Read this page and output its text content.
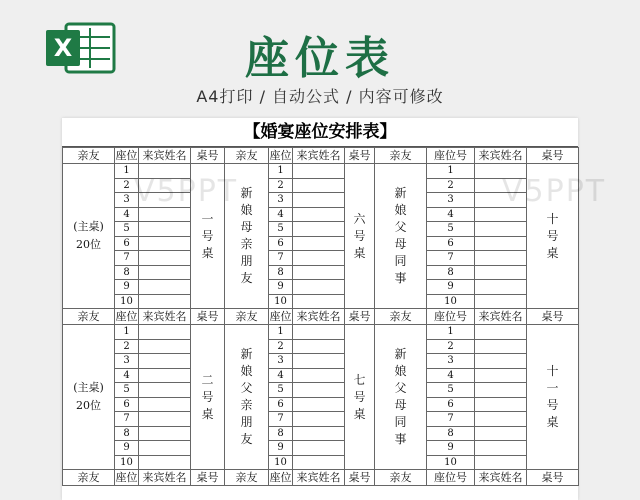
X	座位表
A4打印 / 自动公式 / 内容可修改
【婚宴座位安排表】
亲友	座位	来宾姓名	桌号	亲友	座位	来宾姓名	桌号	亲友	座位号	来宾姓名	桌号
(主桌)
20位	1		一号桌	新娘母亲朋友	1		六号桌	新娘父母同事	1		十号桌
	2				2				2		
	3				3				3		
	4				4				4		
	5				5				5		
	6				6				6		
	7				7				7		
	8				8				8		
	9				9				9		
	10				10				10		
亲友	座位	来宾姓名	桌号	亲友	座位	来宾姓名	桌号	亲友	座位号	来宾姓名	桌号
(主桌)
20位	1		二号桌	新娘父亲朋友	1		七号桌	新娘父母同事	1		十一号桌
	2				2				2		
	3				3				3		
	4				4				4		
	5				5				5		
	6				6				6		
	7				7				7		
	8				8				8		
	9				9				9		
	10				10				10		
亲友	座位	来宾姓名	桌号	亲友	座位	来宾姓名	桌号	亲友	座位号	来宾姓名	桌号
V5PPT	V5PPT
